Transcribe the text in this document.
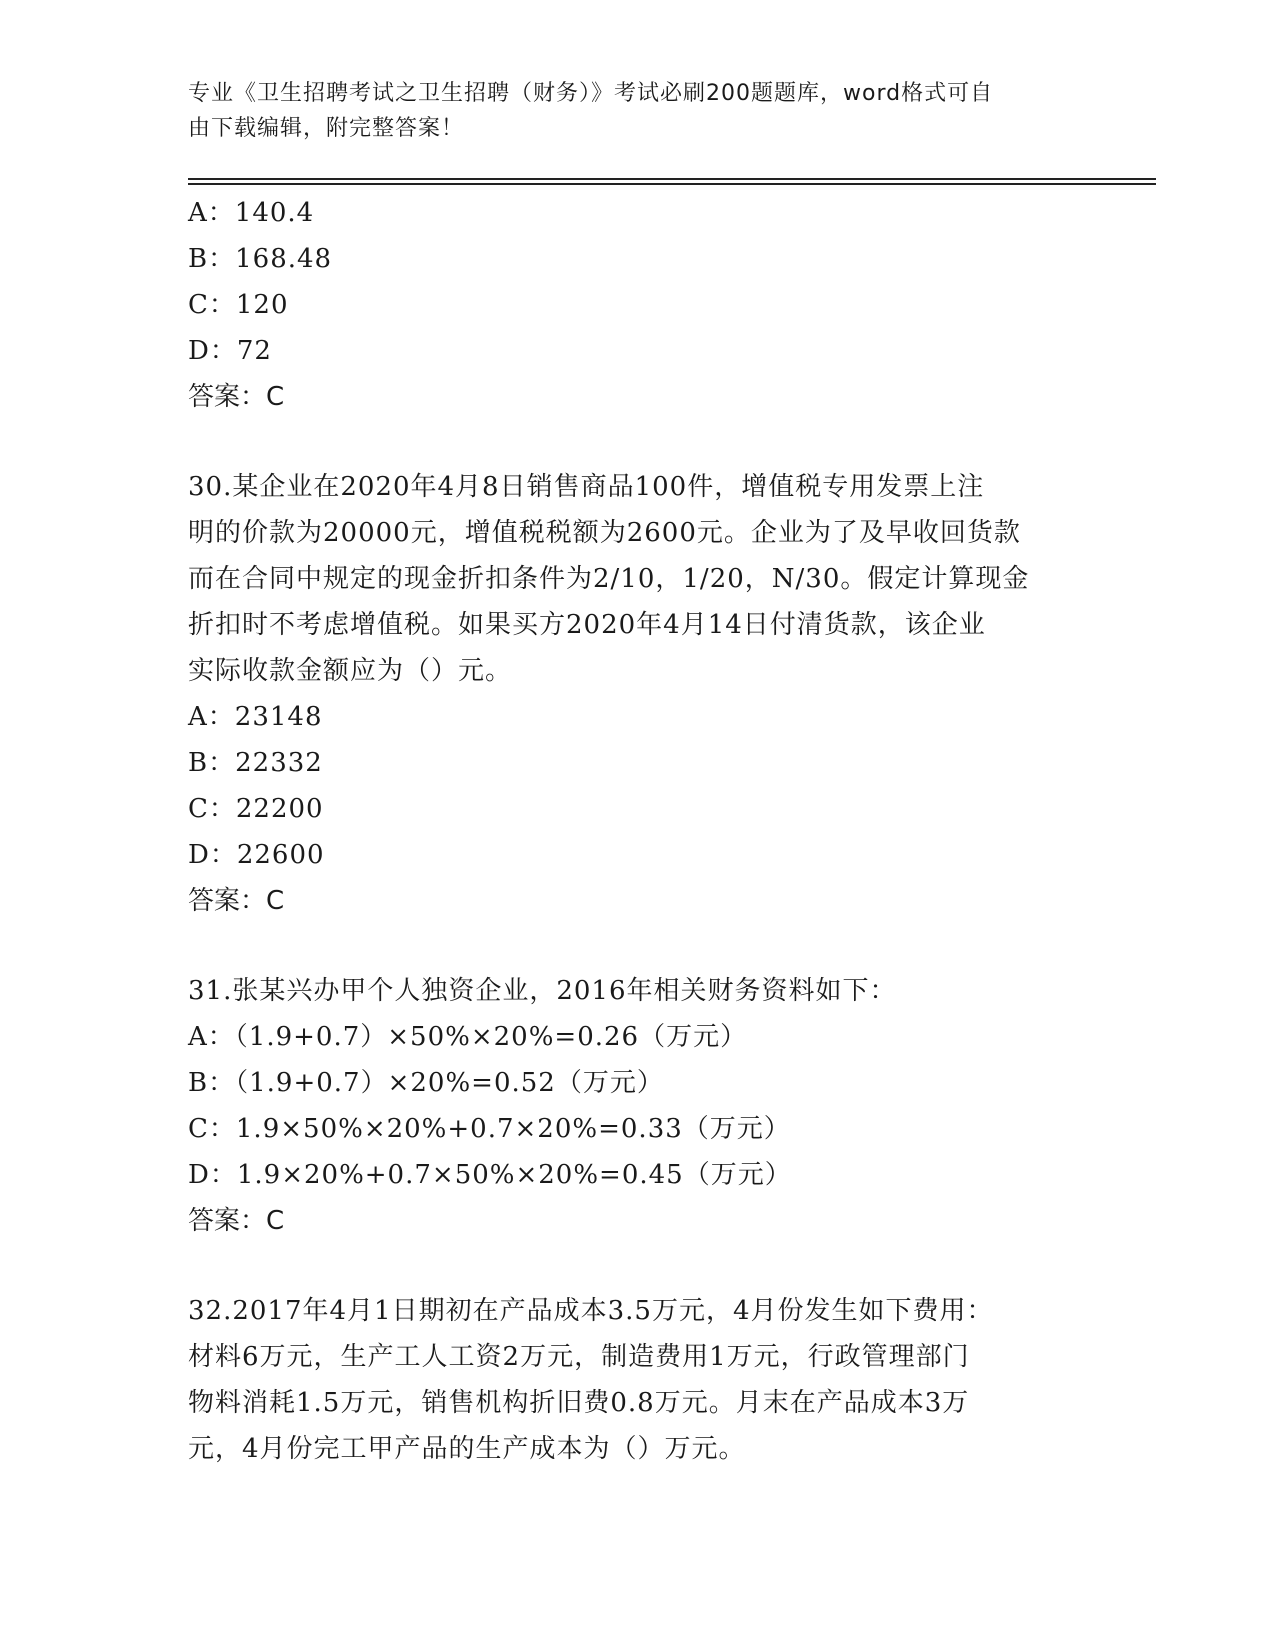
专业《卫生招聘考试之卫生招聘（财务）》考试必刷200题题库，word格式可自
由下载编辑，附完整答案！
A：140.4
B：168.48
C：120
D：72
答案：C
30.某企业在2020年4月8日销售商品100件，增值税专用发票上注
明的价款为20000元，增值税税额为2600元。企业为了及早收回货款
而在合同中规定的现金折扣条件为2/10，1/20，N/30。假定计算现金
折扣时不考虑增值税。如果买方2020年4月14日付清货款，该企业
实际收款金额应为（）元。
A：23148
B：22332
C：22200
D：22600
答案：C
31.张某兴办甲个人独资企业，2016年相关财务资料如下：
A：（1.9+0.7）×50%×20%=0.26（万元）
B：（1.9+0.7）×20%=0.52（万元）
C：1.9×50%×20%+0.7×20%=0.33（万元）
D：1.9×20%+0.7×50%×20%=0.45（万元）
答案：C
32.2017年4月1日期初在产品成本3.5万元，4月份发生如下费用：
材料6万元，生产工人工资2万元，制造费用1万元，行政管理部门
物料消耗1.5万元，销售机构折旧费0.8万元。月末在产品成本3万
元，4月份完工甲产品的生产成本为（）万元。
